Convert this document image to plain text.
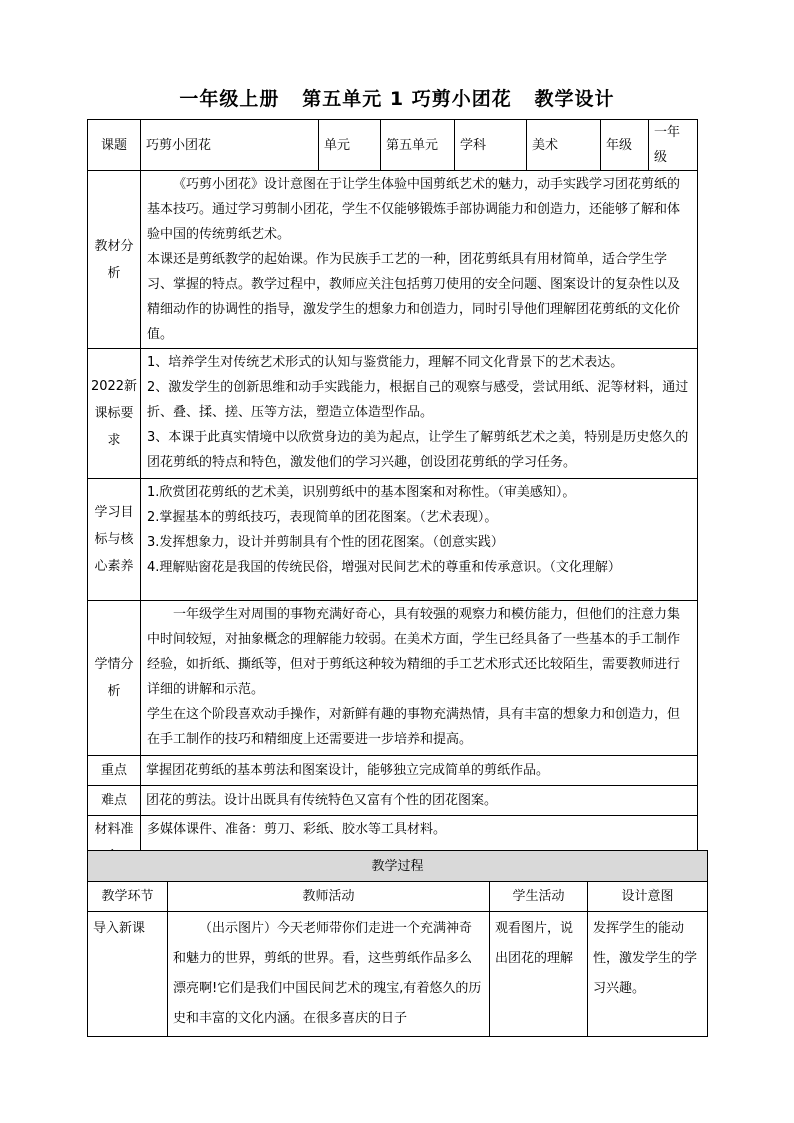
一年级上册   第五单元 1 巧剪小团花   教学设计
课题	巧剪小团花	单元	第五单元	学科	美术	年级	一年级
教材分析	《巧剪小团花》设计意图在于让学生体验中国剪纸艺术的魅力，动手实践学习团花剪纸的基本技巧。通过学习剪制小团花，学生不仅能够锻炼手部协调能力和创造力，还能够了解和体验中国的传统剪纸艺术。

本课还是剪纸教学的起始课。作为民族手工艺的一种，团花剪纸具有用材简单，适合学生学习、掌握的特点。教学过程中，教师应关注包括剪刀使用的安全问题、图案设计的复杂性以及精细动作的协调性的指导，激发学生的想象力和创造力，同时引导他们理解团花剪纸的文化价值。						

2022新课标要求	1、培养学生对传统艺术形式的认知与鉴赏能力，理解不同文化背景下的艺术表达。

2、激发学生的创新思维和动手实践能力，根据自己的观察与感受，尝试用纸、泥等材料，通过折、叠、揉、搓、压等方法，塑造立体造型作品。

3、本课于此真实情境中以欣赏身边的美为起点，让学生了解剪纸艺术之美，特别是历史悠久的团花剪纸的特点和特色，激发他们的学习兴趣，创设团花剪纸的学习任务。						

学习目标与核心素养	1.欣赏团花剪纸的艺术美，识别剪纸中的基本图案和对称性。（审美感知）。

2.掌握基本的剪纸技巧，表现简单的团花图案。（艺术表现）。

3.发挥想象力，设计并剪制具有个性的团花图案。（创意实践）

4.理解贴窗花是我国的传统民俗，增强对民间艺术的尊重和传承意识。（文化理解）						

学情分析	一年级学生对周围的事物充满好奇心，具有较强的观察力和模仿能力，但他们的注意力集中时间较短，对抽象概念的理解能力较弱。在美术方面，学生已经具备了一些基本的手工制作经验，如折纸、撕纸等，但对于剪纸这种较为精细的手工艺术形式还比较陌生，需要教师进行详细的讲解和示范。

学生在这个阶段喜欢动手操作，对新鲜有趣的事物充满热情，具有丰富的想象力和创造力，但在手工制作的技巧和精细度上还需要进一步培养和提高。						

重点	掌握团花剪纸的基本剪法和图案设计，能够独立完成简单的剪纸作品。						
难点	团花的剪法。设计出既具有传统特色又富有个性的团花图案。						
材料准	多媒体课件、准备：剪刀、彩纸、胶水等工具材料。						
教学过程			
教学环节	教师活动	学生活动	设计意图
导入新课	（出示图片）今天老师带你们走进一个充满神奇和魅力的世界，剪纸的世界。看，这些剪纸作品多么漂亮啊!它们是我们中国民间艺术的瑰宝,有着悠久的历史和丰富的文化内涵。在很多喜庆的日子	观看图片，说出团花的理解	发挥学生的能动性，激发学生的学习兴趣。
